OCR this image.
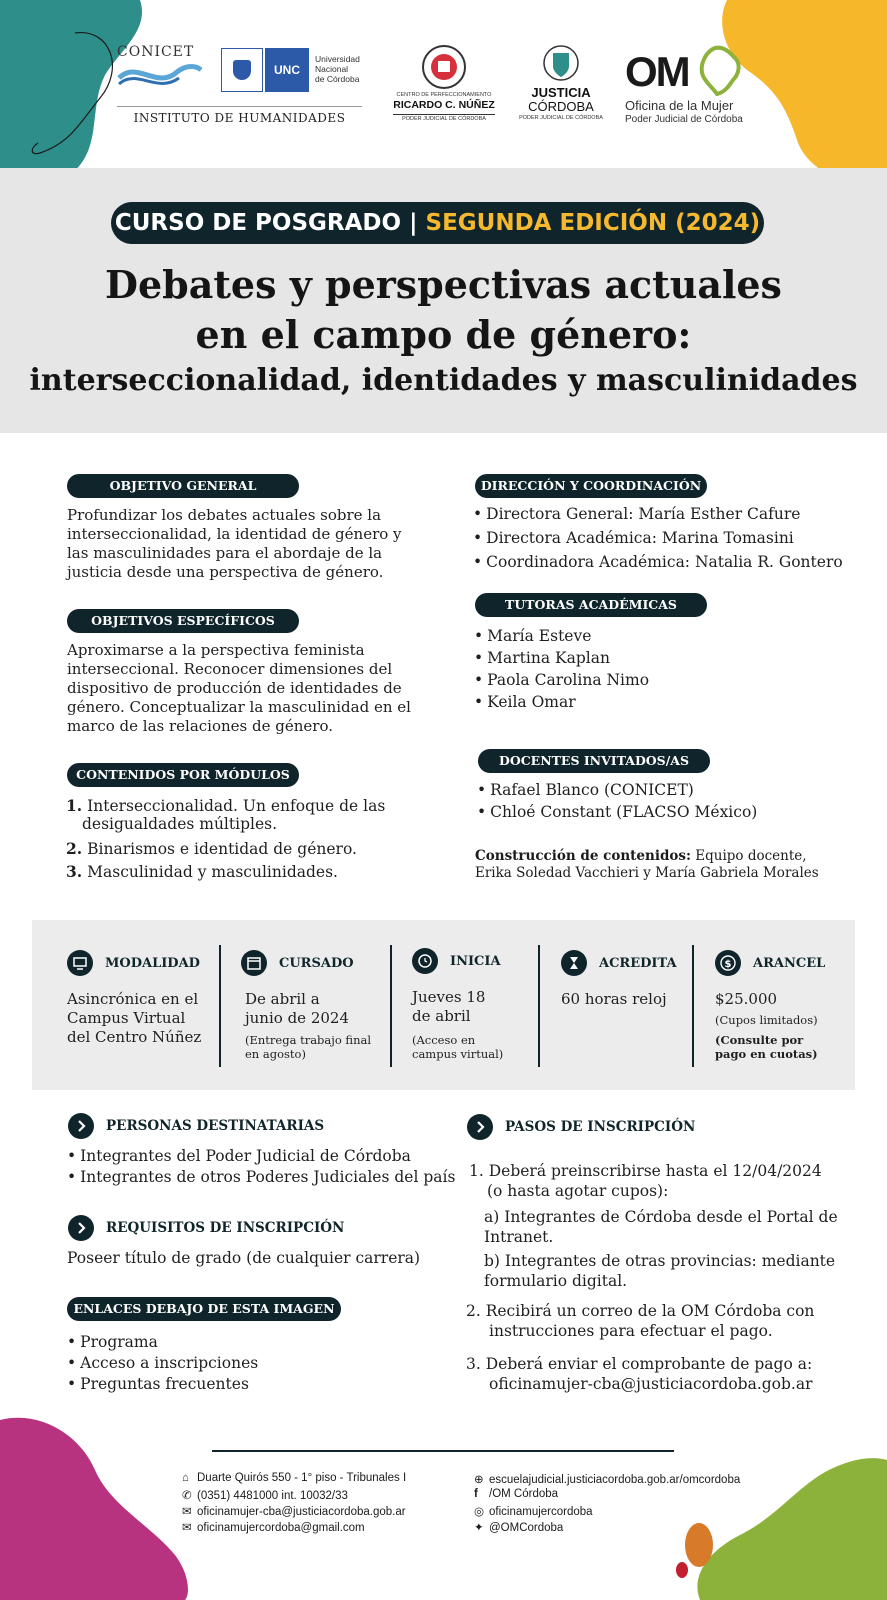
CONICET
UNC
Universidad
Nacional
de Córdoba
INSTITUTO DE HUMANIDADES
CENTRO DE PERFECCIONAMIENTO
RICARDO C. NÚÑEZ
PODER JUDICIAL DE CÓRDOBA
JUSTICIA
CÓRDOBA
PODER JUDICIAL DE CÓRDOBA
OM
Oficina de la Mujer
Poder Judicial de Córdoba
CURSO DE POSGRADO | SEGUNDA EDICIÓN (2024)
Debates y perspectivas actuales
en el campo de género:
interseccionalidad, identidades y masculinidades
OBJETIVO GENERAL
Profundizar los debates actuales sobre la
interseccionalidad, la identidad de género y
las masculinidades para el abordaje de la
justicia desde una perspectiva de género.
OBJETIVOS ESPECÍFICOS
Aproximarse a la perspectiva feminista
interseccional. Reconocer dimensiones del
dispositivo de producción de identidades de
género. Conceptualizar la masculinidad en el
marco de las relaciones de género.
CONTENIDOS POR MÓDULOS
1. Interseccionalidad. Un enfoque de las
desigualdades múltiples.
2. Binarismos e identidad de género.
3. Masculinidad y masculinidades.
DIRECCIÓN Y COORDINACIÓN
• Directora General: María Esther Cafure
• Directora Académica: Marina Tomasini
• Coordinadora Académica: Natalia R. Gontero
TUTORAS ACADÉMICAS
• María Esteve
• Martina Kaplan
• Paola Carolina Nimo
• Keila Omar
DOCENTES INVITADOS/AS
• Rafael Blanco (CONICET)
• Chloé Constant (FLACSO México)
Construcción de contenidos: Equipo docente,
Erika Soledad Vacchieri y María Gabriela Morales
MODALIDAD
Asincrónica en el
Campus Virtual
del Centro Núñez
CURSADO
De abril a
junio de 2024
(Entrega trabajo final
en agosto)
INICIA
Jueves 18
de abril
(Acceso en
campus virtual)
ACREDITA
60 horas reloj
$ ARANCEL
$25.000
(Cupos limitados)
(Consulte por
pago en cuotas)
PERSONAS DESTINATARIAS
• Integrantes del Poder Judicial de Córdoba
• Integrantes de otros Poderes Judiciales del país
REQUISITOS DE INSCRIPCIÓN
Poseer título de grado (de cualquier carrera)
ENLACES DEBAJO DE ESTA IMAGEN
• Programa
• Acceso a inscripciones
• Preguntas frecuentes
PASOS DE INSCRIPCIÓN
1. Deberá preinscribirse hasta el 12/04/2024
(o hasta agotar cupos):
a) Integrantes de Córdoba desde el Portal de
Intranet.
b) Integrantes de otras provincias: mediante
formulario digital.
2. Recibirá un correo de la OM Córdoba con
instrucciones para efectuar el pago.
3. Deberá enviar el comprobante de pago a:
oficinamujer-cba@justiciacordoba.gob.ar
⌂ Duarte Quirós 550 - 1° piso - Tribunales I
✆ (0351) 4481000 int. 10032/33
✉ oficinamujer-cba@justiciacordoba.gob.ar
✉ oficinamujercordoba@gmail.com
⊕ escuelajudicial.justiciacordoba.gob.ar/omcordoba
f /OM Córdoba
◎ oficinamujercordoba
✦ @OMCordoba
